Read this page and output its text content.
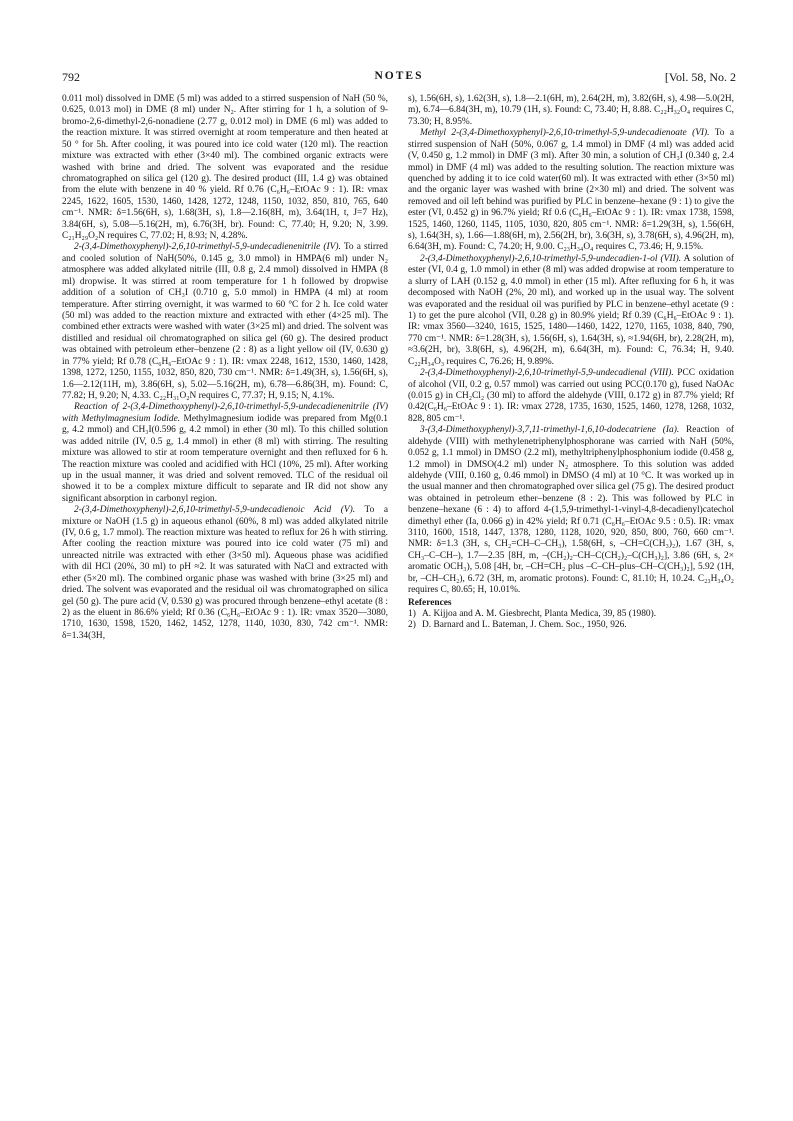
792	NOTES	[Vol. 58, No. 2

0.011 mol) dissolved in DME (5 ml) was added to a stirred suspension of NaH (50 %, 0.625, 0.013 mol) in DME (8 ml) under N₂. After stirring for 1 h, a solution of 9-bromo-2,6-dimethyl-2,6-nonadiene (2.77 g, 0.012 mol) in DME (6 ml) was added to the reaction mixture. It was stirred overnight at room temperature and then heated at 50 ° for 5h. After cooling, it was poured into ice cold water (120 ml). The reaction mixture was extracted with ether (3×40 ml). The combined organic extracts were washed with brine and dried. The solvent was evaporated and the residue chromatographed on silica gel (120 g). The desired product (III, 1.4 g) was obtained from the elute with benzene in 40 % yield. Rf 0.76 (C₆H₆–EtOAc 9 : 1). IR: νmax 2245, 1622, 1605, 1530, 1460, 1428, 1272, 1248, 1150, 1032, 850, 810, 765, 640 cm⁻¹. NMR: δ=1.56(6H, s), 1.68(3H, s), 1.8—2.16(8H, m), 3.64(1H, t, J=7 Hz), 3.84(6H, s), 5.08—5.16(2H, m), 6.76(3H, br). Found: C, 77.40; H, 9.20; N, 3.99. C₂₁H₂₉O₂N requires C, 77.02; H, 8.93; N, 4.28%.

2-(3,4-Dimethoxyphenyl)-2,6,10-trimethyl-5,9-undecadienenitrile (IV). To a stirred and cooled solution of NaH(50%, 0.145 g, 3.0 mmol) in HMPA(6 ml) under N₂ atmosphere was added alkylated nitrile (III, 0.8 g, 2.4 mmol) dissolved in HMPA (8 ml) dropwise. It was stirred at room temperature for 1 h followed by dropwise addition of a solution of CH₃I (0.710 g, 5.0 mmol) in HMPA (4 ml) at room temperature. After stirring overnight, it was warmed to 60 °C for 2 h. Ice cold water (50 ml) was added to the reaction mixture and extracted with ether (4×25 ml). The combined ether extracts were washed with water (3×25 ml) and dried. The solvent was distilled and residual oil chromatographed on silica gel (60 g). The desired product was obtained with petroleum ether–benzene (2 : 8) as a light yellow oil (IV, 0.630 g) in 77% yield; Rf 0.78 (C₆H₆–EtOAc 9 : 1). IR: νmax 2248, 1612, 1530, 1460, 1428, 1398, 1272, 1250, 1155, 1032, 850, 820, 730 cm⁻¹. NMR: δ=1.49(3H, s), 1.56(6H, s), 1.6—2.12(11H, m), 3.86(6H, s), 5.02—5.16(2H, m), 6.78—6.86(3H, m). Found: C, 77.82; H, 9.20; N, 4.33. C₂₂H₃₁O₂N requires C, 77.37; H, 9.15; N, 4.1%.

Reaction of 2-(3,4-Dimethoxyphenyl)-2,6,10-trimethyl-5,9-undecadienenitrile (IV) with Methylmagnesium Iodide. Methylmagnesium iodide was prepared from Mg(0.1 g, 4.2 mmol) and CH₃I(0.596 g, 4.2 mmol) in ether (30 ml). To this chilled solution was added nitrile (IV, 0.5 g, 1.4 mmol) in ether (8 ml) with stirring. The resulting mixture was allowed to stir at room temperature overnight and then refluxed for 6 h. The reaction mixture was cooled and acidified with HCl (10%, 25 ml). After working up in the usual manner, it was dried and solvent removed. TLC of the residual oil showed it to be a complex mixture difficult to separate and IR did not show any significant absorption in carbonyl region.

2-(3,4-Dimethoxyphenyl)-2,6,10-trimethyl-5,9-undecadienoic Acid (V). To a mixture or NaOH (1.5 g) in aqueous ethanol (60%, 8 ml) was added alkylated nitrile (IV, 0.6 g, 1.7 mmol). The reaction mixture was heated to reflux for 26 h with stirring. After cooling the reaction mixture was poured into ice cold water (75 ml) and unreacted nitrile was extracted with ether (3×50 ml). Aqueous phase was acidified with dil HCl (20%, 30 ml) to pH ≈2. It was saturated with NaCl and extracted with ether (5×20 ml). The combined organic phase was washed with brine (3×25 ml) and dried. The solvent was evaporated and the residual oil was chromatographed on silica gel (50 g). The pure acid (V, 0.530 g) was procured through benzene–ethyl acetate (8 : 2) as the eluent in 86.6% yield; Rf 0.36 (C₆H₆–EtOAc 9 : 1). IR: νmax 3520—3080, 1710, 1630, 1598, 1520, 1462, 1452, 1278, 1140, 1030, 830, 742 cm⁻¹. NMR: δ=1.34(3H,

s), 1.56(6H, s), 1.62(3H, s), 1.8—2.1(6H, m), 2.64(2H, m), 3.82(6H, s), 4.98—5.0(2H, m), 6.74—6.84(3H, m), 10.79 (1H, s). Found: C, 73.40; H, 8.88. C₂₂H₃₂O₄ requires C, 73.30; H, 8.95%.

Methyl 2-(3,4-Dimethoxyphenyl)-2,6,10-trimethyl-5,9-undecadienoate (VI). To a stirred suspension of NaH (50%, 0.067 g, 1.4 mmol) in DMF (4 ml) was added acid (V, 0.450 g, 1.2 mmol) in DMF (3 ml). After 30 min, a solution of CH₃I (0.340 g, 2.4 mmol) in DMF (4 ml) was added to the resulting solution. The reaction mixture was quenched by adding it to ice cold water(60 ml). It was extracted with ether (3×50 ml) and the organic layer was washed with brine (2×30 ml) and dried. The solvent was removed and oil left behind was purified by PLC in benzene–hexane (9 : 1) to give the ester (VI, 0.452 g) in 96.7% yield; Rf 0.6 (C₆H₆–EtOAc 9 : 1). IR: νmax 1738, 1598, 1525, 1460, 1260, 1145, 1105, 1030, 820, 805 cm⁻¹. NMR: δ=1.29(3H, s), 1.56(6H, s), 1.64(3H, s), 1.66—1.88(6H, m), 2.56(2H, br), 3.6(3H, s), 3.78(6H, s), 4.96(2H, m), 6.64(3H, m). Found: C, 74.20; H, 9.00. C₂₃H₃₄O₄ requires C, 73.46; H, 9.15%.

2-(3,4-Dimethoxyphenyl)-2,6,10-trimethyl-5,9-undecadien-1-ol (VII). A solution of ester (VI, 0.4 g, 1.0 mmol) in ether (8 ml) was added dropwise at room temperature to a slurry of LAH (0.152 g, 4.0 mmol) in ether (15 ml). After refluxing for 6 h, it was decomposed with NaOH (2%, 20 ml), and worked up in the usual way. The solvent was evaporated and the residual oil was purified by PLC in benzene–ethyl acetate (9 : 1) to get the pure alcohol (VII, 0.28 g) in 80.9% yield; Rf 0.39 (C₆H₆–EtOAc 9 : 1). IR: νmax 3560—3240, 1615, 1525, 1480—1460, 1422, 1270, 1165, 1038, 840, 790, 770 cm⁻¹. NMR: δ=1.28(3H, s), 1.56(6H, s), 1.64(3H, s), ≈1.94(6H, br), 2.28(2H, m), ≈3.6(2H, br), 3.8(6H, s), 4.96(2H, m), 6.64(3H, m). Found: C, 76.34; H, 9.40. C₂₂H₃₄O₃ requires C, 76.26; H, 9.89%.

2-(3,4-Dimethoxyphenyl)-2,6,10-trimethyl-5,9-undecadienal (VIII). PCC oxidation of alcohol (VII, 0.2 g, 0.57 mmol) was carried out using PCC(0.170 g), fused NaOAc (0.015 g) in CH₂Cl₂ (30 ml) to afford the aldehyde (VIII, 0.172 g) in 87.7% yield; Rf 0.42(C₆H₆–EtOAc 9 : 1). IR: νmax 2728, 1735, 1630, 1525, 1460, 1278, 1268, 1032, 828, 805 cm⁻¹.

3-(3,4-Dimethoxyphenyl)-3,7,11-trimethyl-1,6,10-dodecatriene (Ia). Reaction of aldehyde (VIII) with methylenetriphenylphosphorane was carried with NaH (50%, 0.052 g, 1.1 mmol) in DMSO (2.2 ml), methyltriphenylphosphonium iodide (0.458 g, 1.2 mmol) in DMSO(4.2 ml) under N₂ atmosphere. To this solution was added aldehyde (VIII, 0.160 g, 0.46 mmol) in DMSO (4 ml) at 10 °C. It was worked up in the usual manner and then chromatographed over silica gel (75 g). The desired product was obtained in petroleum ether–benzene (8 : 2). This was followed by PLC in benzene–hexane (6 : 4) to afford 4-(1,5,9-trimethyl-1-vinyl-4,8-decadienyl)catechol dimethyl ether (Ia, 0.066 g) in 42% yield; Rf 0.71 (C₆H₆–EtOAc 9.5 : 0.5). IR: νmax 3110, 1600, 1518, 1447, 1378, 1280, 1128, 1020, 920, 850, 800, 760, 660 cm⁻¹. NMR: δ=1.3 (3H, s, CH₂=CH–C–CH₃), 1.58(6H, s, –CH=C(CH₃)₂), 1.67 (3H, s, CH₃–C–CH–), 1.7—2.35 [8H, m, –(CH₂)₂–CH–C(CH₂)₂–C(CH₃)₂], 3.86 (6H, s, 2× aromatic OCH₃), 5.08 [4H, br, –CH=CH₂ plus –C–CH–plus–CH–C(CH₃)₂], 5.92 (1H, br, –CH–CH₂), 6.72 (3H, m, aromatic protons). Found: C, 81.10; H, 10.24. C₂₃H₃₄O₂ requires C, 80.65; H, 10.01%.

References

1) A. Kijjoa and A. M. Giesbrecht, Planta Medica, 39, 85 (1980).

2) D. Barnard and L. Bateman, J. Chem. Soc., 1950, 926.
